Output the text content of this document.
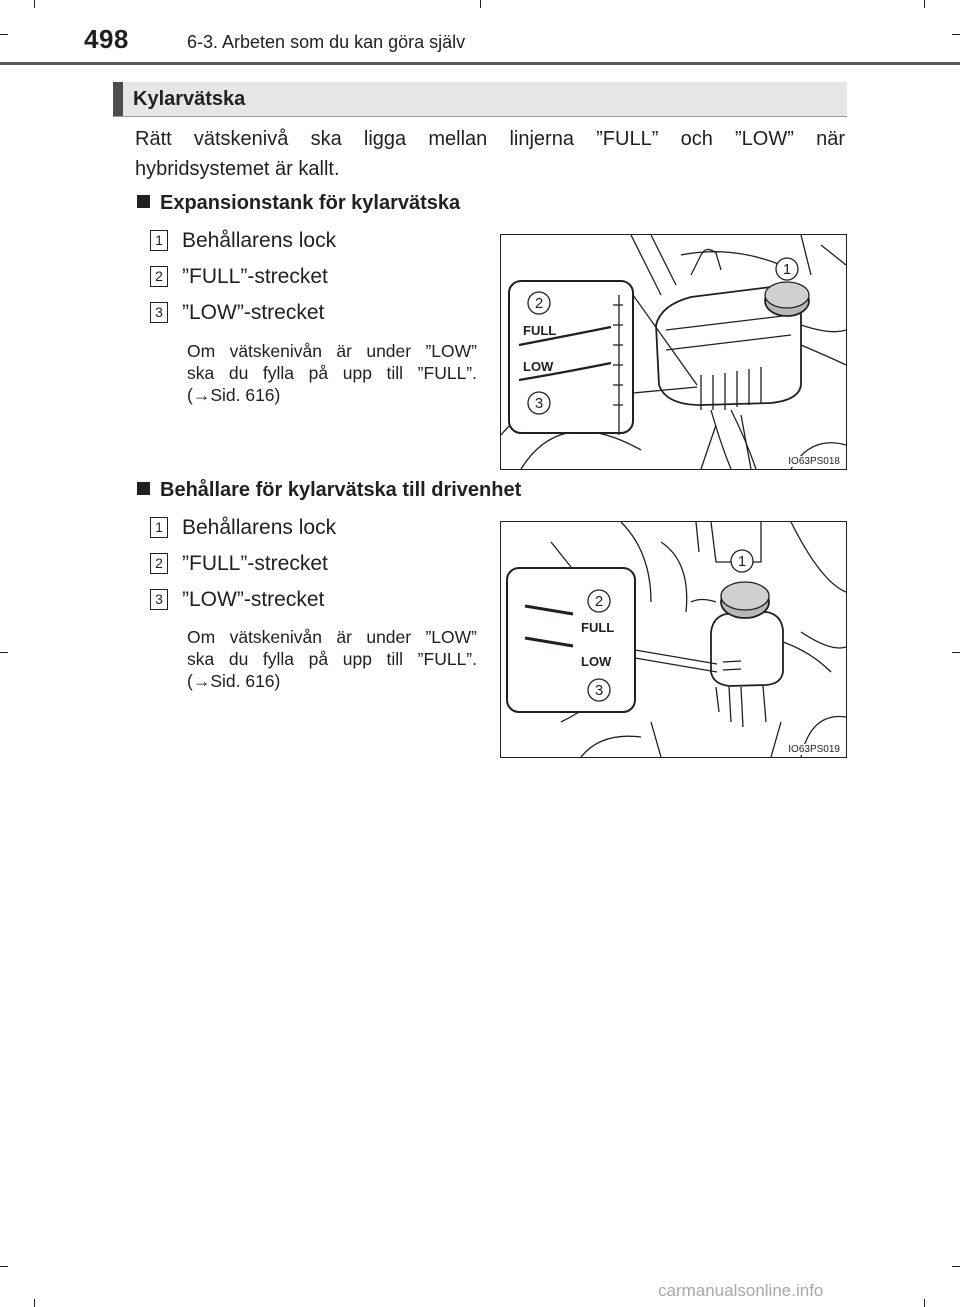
498	6-3. Arbeten som du kan göra själv
Kylarvätska
Rätt vätskenivå ska ligga mellan linjerna ”FULL” och ”LOW” när
hybridsystemet är kallt.
Expansionstank för kylarvätska
1 Behållarens lock
2 ”FULL”-strecket
3 ”LOW”-strecket
Om vätskenivån är under ”LOW”
ska du fylla på upp till ”FULL”.
(→Sid. 616)
FULL
LOW
2
3
1
IO63PS018
Behållare för kylarvätska till drivenhet
1 Behållarens lock
2 ”FULL”-strecket
3 ”LOW”-strecket
Om vätskenivån är under ”LOW”
ska du fylla på upp till ”FULL”.
(→Sid. 616)
FULL
LOW
2
3
1
IO63PS019
carmanualsonline.info
